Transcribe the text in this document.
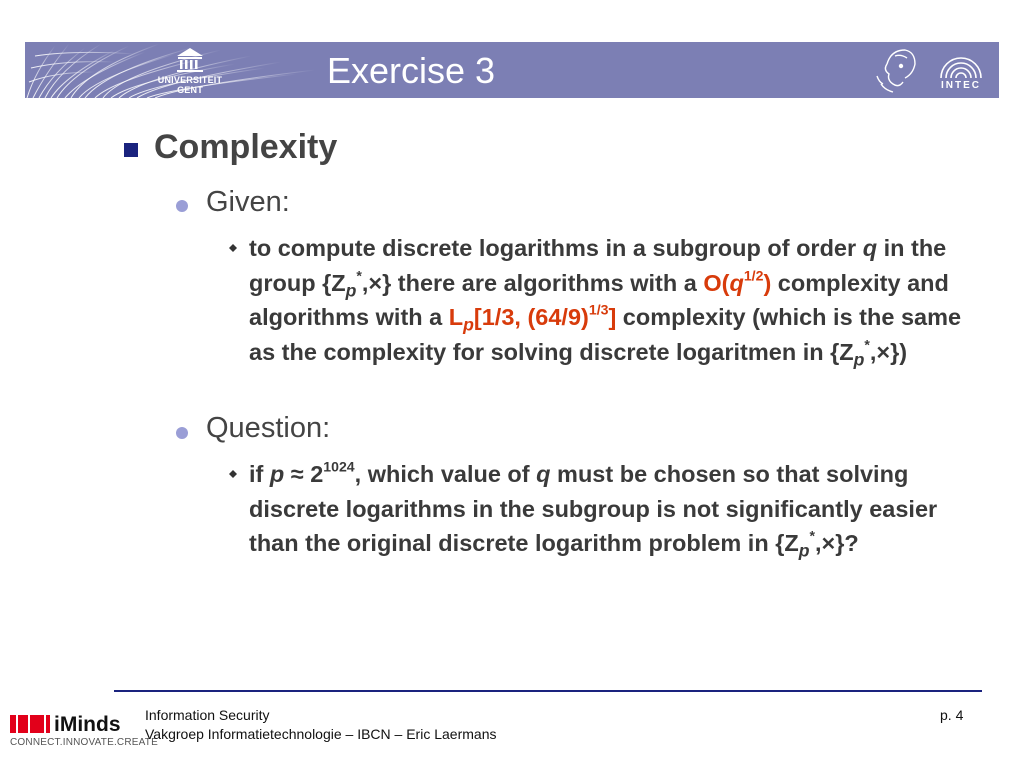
UNIVERSITEIT
GENT	Exercise 3	INTEC
Complexity
Given:
to compute discrete logarithms in a subgroup of order q in the group $\{Z_p^*,\times\}$ there are algorithms with a $O(q^{1/2})$ complexity and algorithms with a $L_p[1/3$, $(64/9)^{1/3}$] complexity (which is the same as the complexity for solving discrete logaritmen in $\{Z_p^*,\times\}$)
Question:
if $p \approx 2^{1024}$, which value of q must be chosen so that solving discrete logarithms in the subgroup is not significantly easier than the original discrete logarithm problem in $\{Z_p^*,\times\}$?
iMinds
CONNECT.INNOVATE.CREATE
Information Security
Vakgroep Informatietechnologie – IBCN – Eric Laermans
p. 4
